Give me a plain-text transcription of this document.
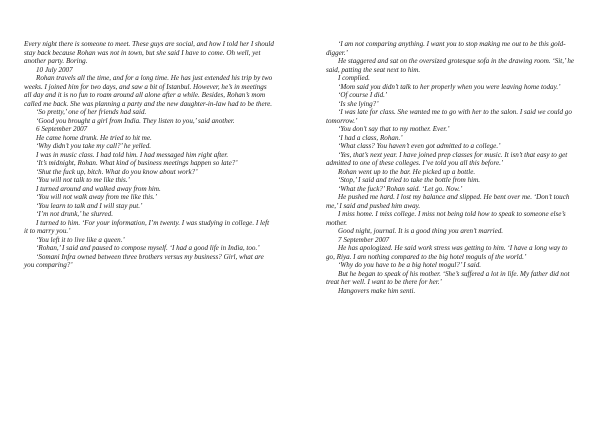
Every night there is someone to meet. These guys are social, and how I told her I should stay back because Rohan was not in town, but she said I have to come. Oh well, yet another party. Boring.

10 July 2007

Rohan travels all the time, and for a long time. He has just extended his trip by two weeks. I joined him for two days, and saw a bit of Istanbul. However, he’s in meetings all day and it is no fun to roam around all alone after a while. Besides, Rohan’s mom called me back. She was planning a party and the new daughter-in-law had to be there.

‘So pretty,’ one of her friends had said.

‘Good you brought a girl from India. They listen to you,’ said another.

6 September 2007

He came home drunk. He tried to hit me.

‘Why didn’t you take my call?’ he yelled.

I was in music class. I had told him. I had messaged him right after.

‘It’s midnight, Rohan. What kind of business meetings happen so late?’

‘Shut the fuck up, bitch. What do you know about work?’

‘You will not talk to me like this.’

I turned around and walked away from him.

‘You will not walk away from me like this.’

‘You learn to talk and I will stay put.’

‘I’m not drunk,’ he slurred.

I turned to him. ‘For your information, I’m twenty. I was studying in college. I left it to marry you.’

‘You left it to live like a queen.’

‘Rohan,’ I said and paused to compose myself. ‘I had a good life in India, too.’

‘Somani Infra owned between three brothers versus my business? Girl, what are you comparing?’

‘I am not comparing anything. I want you to stop making me out to be this gold-digger.’

He staggered and sat on the oversized grotesque sofa in the drawing room. ‘Sit,’ he said, patting the seat next to him.

I complied.

‘Mom said you didn’t talk to her properly when you were leaving home today.’

‘Of course I did.’

‘Is she lying?’

‘I was late for class. She wanted me to go with her to the salon. I said we could go tomorrow.’

‘You don’t say that to my mother. Ever.’

‘I had a class, Rohan.’

‘What class? You haven’t even got admitted to a college.’

‘Yes, that’s next year. I have joined prep classes for music. It isn’t that easy to get admitted to one of these colleges. I’ve told you all this before.’

Rohan went up to the bar. He picked up a bottle.

‘Stop,’ I said and tried to take the bottle from him.

‘What the fuck?’ Rohan said. ‘Let go. Now.’

He pushed me hard. I lost my balance and slipped. He bent over me. ‘Don’t touch me,’ I said and pushed him away.

I miss home. I miss college. I miss not being told how to speak to someone else’s mother.

Good night, journal. It is a good thing you aren’t married.

7 September 2007

He has apologized. He said work stress was getting to him. ‘I have a long way to go, Riya. I am nothing compared to the big hotel moguls of the world.’

‘Why do you have to be a big hotel mogul?’ I said.

But he began to speak of his mother. ‘She’s suffered a lot in life. My father did not treat her well. I want to be there for her.’

Hangovers make him senti.
